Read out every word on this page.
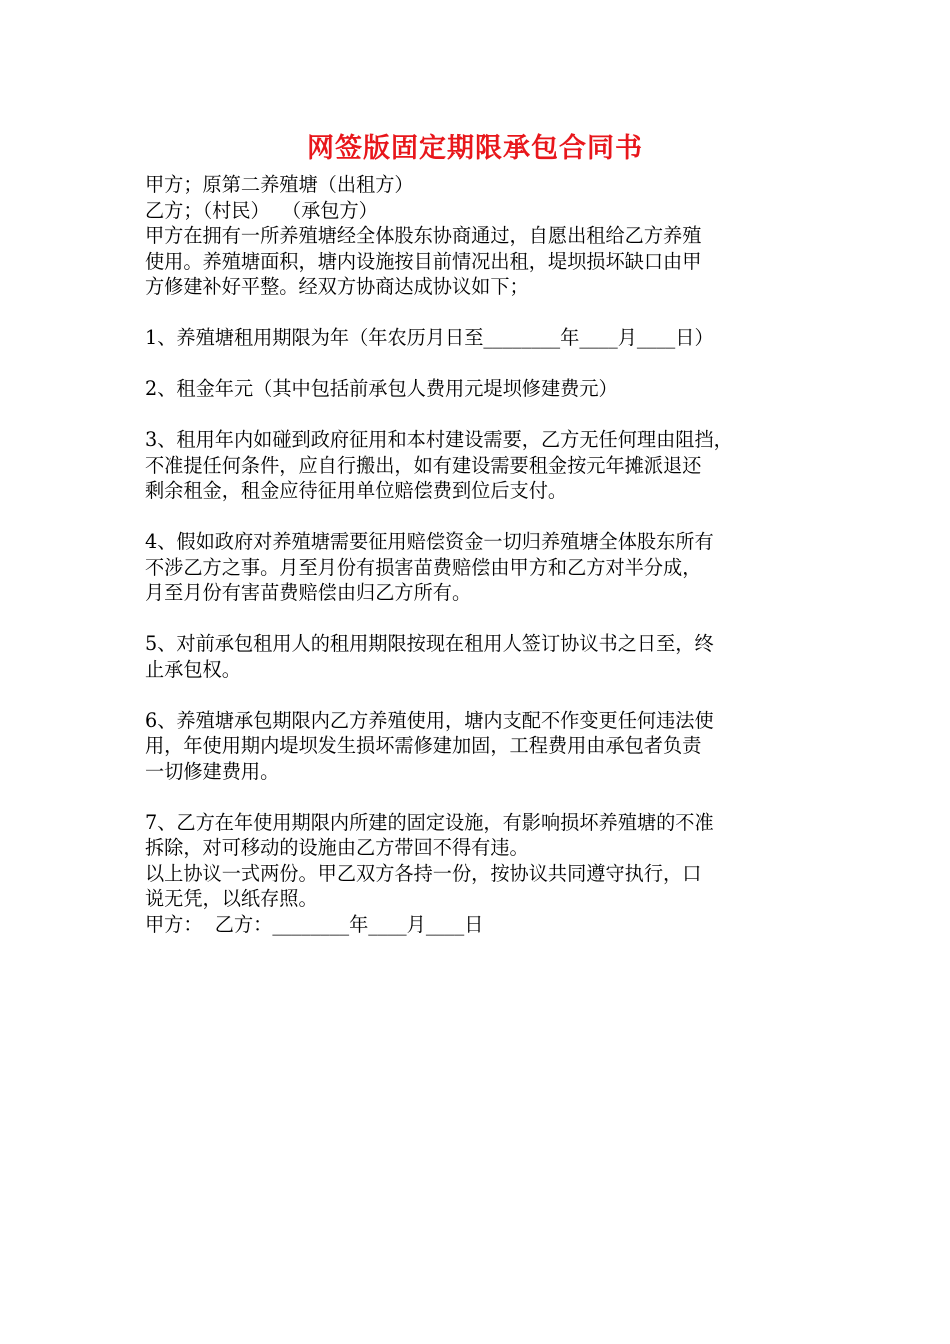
网签版固定期限承包合同书
甲方；原第二养殖塘（出租方）
乙方；（村民）  （承包方）
甲方在拥有一所养殖塘经全体股东协商通过，自愿出租给乙方养殖
使用。养殖塘面积，塘内设施按目前情况出租，堤坝损坏缺口由甲
方修建补好平整。经双方协商达成协议如下；
1、养殖塘租用期限为年（年农历月日至________年____月____日）
2、租金年元（其中包括前承包人费用元堤坝修建费元）
3、租用年内如碰到政府征用和本村建设需要，乙方无任何理由阻挡，
不准提任何条件，应自行搬出，如有建设需要租金按元年摊派退还
剩余租金，租金应待征用单位赔偿费到位后支付。
4、假如政府对养殖塘需要征用赔偿资金一切归养殖塘全体股东所有
不涉乙方之事。月至月份有损害苗费赔偿由甲方和乙方对半分成，
月至月份有害苗费赔偿由归乙方所有。
5、对前承包租用人的租用期限按现在租用人签订协议书之日至，终
止承包权。
6、养殖塘承包期限内乙方养殖使用，塘内支配不作变更任何违法使
用，年使用期内堤坝发生损坏需修建加固，工程费用由承包者负责
一切修建费用。
7、乙方在年使用期限内所建的固定设施，有影响损坏养殖塘的不准
拆除，对可移动的设施由乙方带回不得有违。
以上协议一式两份。甲乙双方各持一份，按协议共同遵守执行，口
说无凭，以纸存照。
甲方：  乙方：________年____月____日
